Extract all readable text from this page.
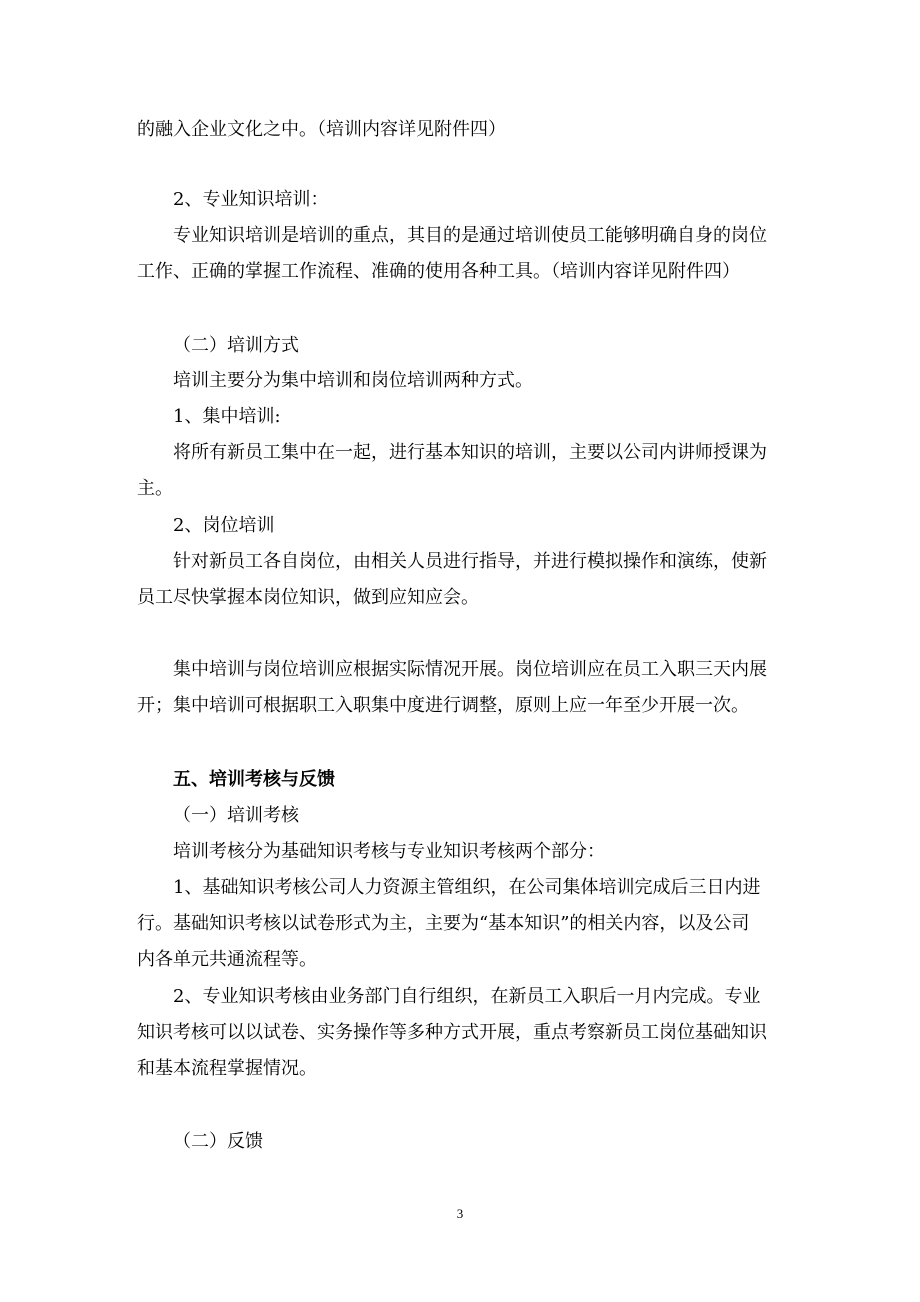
的融入企业文化之中。（培训内容详见附件四）
2、专业知识培训：
专业知识培训是培训的重点，其目的是通过培训使员工能够明确自身的岗位
工作、正确的掌握工作流程、准确的使用各种工具。（培训内容详见附件四）
（二）培训方式
培训主要分为集中培训和岗位培训两种方式。
1、集中培训:
将所有新员工集中在一起，进行基本知识的培训，主要以公司内讲师授课为
主。
2、岗位培训
针对新员工各自岗位，由相关人员进行指导，并进行模拟操作和演练，使新
员工尽快掌握本岗位知识，做到应知应会。
集中培训与岗位培训应根据实际情况开展。岗位培训应在员工入职三天内展
开；集中培训可根据职工入职集中度进行调整，原则上应一年至少开展一次。
五、培训考核与反馈
（一）培训考核
培训考核分为基础知识考核与专业知识考核两个部分：
1、基础知识考核公司人力资源主管组织，在公司集体培训完成后三日内进
行。基础知识考核以试卷形式为主，主要为“基本知识”的相关内容，以及公司
内各单元共通流程等。
2、专业知识考核由业务部门自行组织，在新员工入职后一月内完成。专业
知识考核可以以试卷、实务操作等多种方式开展，重点考察新员工岗位基础知识
和基本流程掌握情况。
（二）反馈
3
